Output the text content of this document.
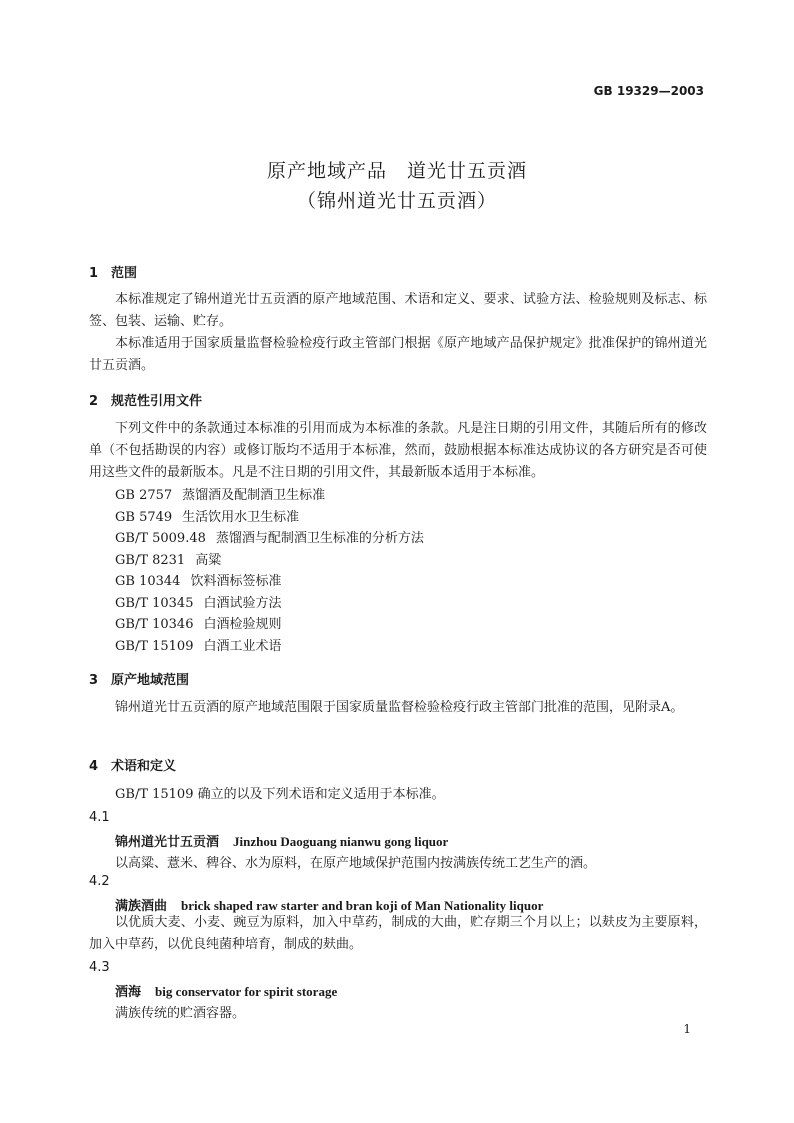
GB 19329—2003
原产地域产品　道光廿五贡酒
（锦州道光廿五贡酒）
1 范围
本标准规定了锦州道光廿五贡酒的原产地域范围、术语和定义、要求、试验方法、检验规则及标志、标签、包装、运输、贮存。
本标准适用于国家质量监督检验检疫行政主管部门根据《原产地域产品保护规定》批准保护的锦州道光廿五贡酒。
2 规范性引用文件
下列文件中的条款通过本标准的引用而成为本标准的条款。凡是注日期的引用文件，其随后所有的修改单（不包括勘误的内容）或修订版均不适用于本标准，然而，鼓励根据本标准达成协议的各方研究是否可使用这些文件的最新版本。凡是不注日期的引用文件，其最新版本适用于本标准。
GB 2757 蒸馏酒及配制酒卫生标准
GB 5749 生活饮用水卫生标准
GB/T 5009.48 蒸馏酒与配制酒卫生标准的分析方法
GB/T 8231 高粱
GB 10344 饮料酒标签标准
GB/T 10345 白酒试验方法
GB/T 10346 白酒检验规则
GB/T 15109 白酒工业术语
3 原产地域范围
锦州道光廿五贡酒的原产地域范围限于国家质量监督检验检疫行政主管部门批准的范围，见附录A。
4 术语和定义
GB/T 15109 确立的以及下列术语和定义适用于本标准。
4.1
锦州道光廿五贡酒 Jinzhou Daoguang nianwu gong liquor
以高粱、薏米、稗谷、水为原料，在原产地域保护范围内按满族传统工艺生产的酒。
4.2
满族酒曲 brick shaped raw starter and bran koji of Man Nationality liquor
以优质大麦、小麦、豌豆为原料，加入中草药，制成的大曲，贮存期三个月以上；以麸皮为主要原料，加入中草药，以优良纯菌种培育，制成的麸曲。
4.3
酒海 big conservator for spirit storage
满族传统的贮酒容器。
1
